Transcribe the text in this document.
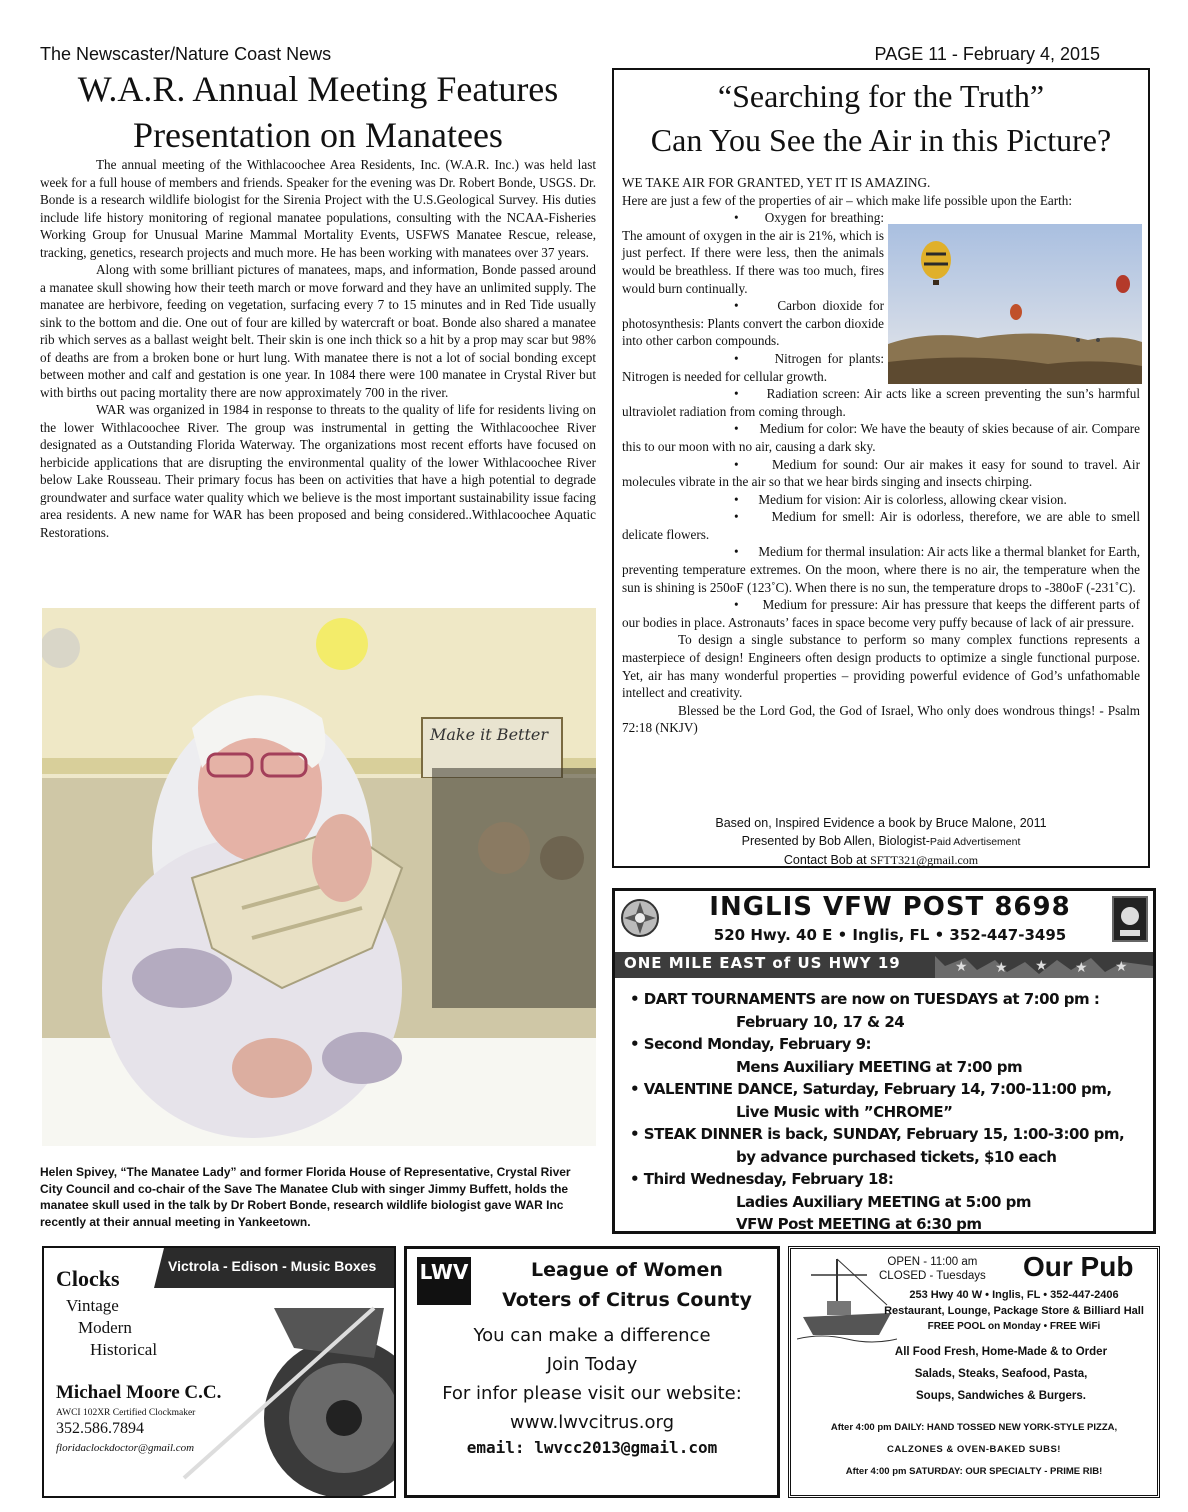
The Newscaster/Nature Coast News	PAGE 11 - February 4, 2015
W.A.R. Annual Meeting Features
Presentation on Manatees

The annual meeting of the Withlacoochee Area Residents, Inc. (W.A.R. Inc.) was held last week for a full house of members and friends. Speaker for the evening was Dr. Robert Bonde, USGS. Dr. Bonde is a research wildlife biologist for the Sirenia Project with the U.S.Geological Survey. His duties include life history monitoring of regional manatee populations, consulting with the NCAA-Fisheries Working Group for Unusual Marine Mammal Mortality Events, USFWS Manatee Rescue, release, tracking, genetics, research projects and much more. He has been working with manatees over 37 years.

Along with some brilliant pictures of manatees, maps, and information, Bonde passed around a manatee skull showing how their teeth march or move forward and they have an unlimited supply. The manatee are herbivore, feeding on vegetation, surfacing every 7 to 15 minutes and in Red Tide usually sink to the bottom and die. One out of four are killed by watercraft or boat. Bonde also shared a manatee rib which serves as a ballast weight belt. Their skin is one inch thick so a hit by a prop may scar but 98% of deaths are from a broken bone or hurt lung. With manatee there is not a lot of social bonding except between mother and calf and gestation is one year. In 1084 there were 100 manatee in Crystal River but with births out pacing mortality there are now approximately 700 in the river.

WAR was organized in 1984 in response to threats to the quality of life for residents living on the lower Withlacoochee River. The group was instrumental in getting the Withlacoochee River designated as a Outstanding Florida Waterway. The organizations most recent efforts have focused on herbicide applications that are disrupting the environmental quality of the lower Withlacoochee River below Lake Rousseau. Their primary focus has been on activities that have a high potential to degrade groundwater and surface water quality which we believe is the most important sustainability issue facing area residents. A new name for WAR has been proposed and being considered..Withlacoochee Aquatic Restorations.

Make it Better
Helen Spivey, “The Manatee Lady” and former Florida House of Representative, Crystal River City Council and co-chair of the Save The Manatee Club with singer Jimmy Buffett, holds the manatee skull used in the talk by Dr Robert Bonde, research wildlife biologist gave WAR Inc recently at their annual meeting in Yankeetown.
“Searching for the Truth”
Can You See the Air in this Picture?

WE TAKE AIR FOR GRANTED, YET IT IS AMAZING.

Here are just a few of the properties of air – which make life possible upon the Earth:

•      Oxygen for breathing: The amount of oxygen in the air is 21%, which is just perfect. If there were less, then the animals would be breathless. If there was too much, fires would burn continually.

•      Carbon dioxide for photosynthesis: Plants convert the carbon dioxide into other carbon compounds.

•      Nitrogen for plants: Nitrogen is needed for cellular growth.

•      Radiation screen: Air acts like a screen preventing the sun’s harmful ultraviolet radiation from coming through.

•      Medium for color: We have the beauty of skies because of air. Compare this to our moon with no air, causing a dark sky.

•      Medium for sound: Our air makes it easy for sound to travel. Air molecules vibrate in the air so that we hear birds singing and insects chirping.

•      Medium for vision: Air is colorless, allowing ckear vision.

•      Medium for smell: Air is odorless, therefore, we are able to smell delicate flowers.

•      Medium for thermal insulation: Air acts like a thermal blanket for Earth, preventing temperature extremes. On the moon, where there is no air, the temperature when the sun is shining is 250oF (123˚C). When there is no sun, the temperature drops to -380oF (-231˚C).

•      Medium for pressure: Air has pressure that keeps the different parts of our bodies in place. Astronauts’ faces in space become very puffy because of lack of air pressure.

To design a single substance to perform so many complex functions represents a masterpiece of design! Engineers often design products to optimize a single functional purpose. Yet, air has many wonderful properties – providing powerful evidence of God’s unfathomable intellect and creativity.

Blessed be the Lord God, the God of Israel, Who only does wondrous things! - Psalm 72:18 (NKJV)

Based on, Inspired Evidence a book by Bruce Malone, 2011
Presented by Bob Allen, Biologist-Paid Advertisement
Contact Bob at SFTT321@gmail.com
INGLIS VFW POST 8698
520 Hwy. 40 E • Inglis, FL • 352-447-3495
★ ★ ★ ★ ★
ONE MILE EAST of US HWY 19
• DART TOURNAMENTS are now on TUESDAYS at 7:00 pm :
February 10, 17 & 24
• Second Monday, February 9:
Mens Auxiliary MEETING at 7:00 pm
• VALENTINE DANCE, Saturday, February 14, 7:00-11:00 pm,
Live Music with ”CHROME”
• STEAK DINNER is back, SUNDAY, February 15, 1:00-3:00 pm,
by advance purchased tickets, $10 each
• Third Wednesday, February 18:
Ladies Auxiliary MEETING at 5:00 pm
VFW Post MEETING at 6:30 pm
Victrola - Edison - Music Boxes
Clocks
Vintage
Modern
Historical
Michael Moore C.C.
AWCI 102XR Certified Clockmaker
352.586.7894
floridaclockdoctor@gmail.com
LWV	League of Women
Voters of Citrus County
You can make a difference
Join Today
For infor please visit our website:
www.lwvcitrus.org
email: lwvcc2013@gmail.com
OPEN - 11:00 am
CLOSED - Tuesdays Our Pub
253 Hwy 40 W • Inglis, FL • 352-447-2406
Restaurant, Lounge, Package Store & Billiard Hall
FREE POOL on Monday • FREE WiFi
All Food Fresh, Home-Made & to Order
Salads, Steaks, Seafood, Pasta,
Soups, Sandwiches & Burgers.
After 4:00 pm DAILY: HAND TOSSED NEW YORK-STYLE PIZZA,
CALZONES & OVEN-BAKED SUBS!
After 4:00 pm SATURDAY: OUR SPECIALTY - PRIME RIB!
